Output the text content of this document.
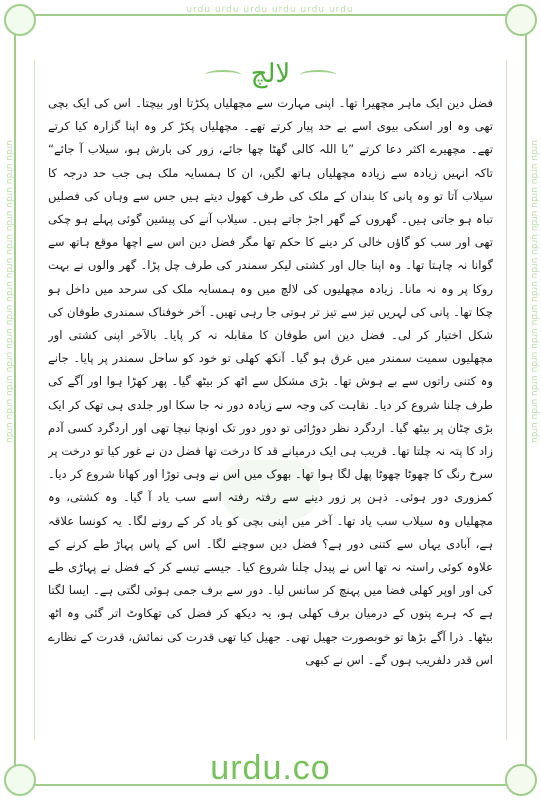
urdu urdu urdu urdu urdu urdu
urdu urdu urdu urdu urdu urdu urdu urdu urdu urdu urdu urdu urdu	urdu urdu urdu urdu urdu urdu urdu urdu urdu urdu urdu urdu urdu
لالچ
فضل دین ایک ماہر مچھیرا تھا۔ اپنی مہارت سے مچھلیاں پکڑتا اور بیچتا۔ اس کی ایک بچی تھی وہ اور اسکی بیوی اسے بے حد پیار کرتے تھے۔ مچھلیاں پکڑ کر وہ اپنا گزارہ کیا کرتے تھے۔ مچھیرے اکثر دعا کرتے ”یا اللہ کالی گھٹا چھا جائے، زور کی بارش ہو، سیلاب آ جائے“ تاکہ انہیں زیادہ سے زیادہ مچھلیاں ہاتھ لگیں، ان کا ہمسایہ ملک ہی جب حد درجہ کا سیلاب آتا تو وہ پانی کا بندان کے ملک کی طرف کھول دیتے ہیں جس سے وہاں کی فصلیں تباہ ہو جاتی ہیں۔ گھروں کے گھر اجڑ جاتے ہیں۔ سیلاب آنے کی پیشین گوئی پہلے ہو چکی تھی اور سب کو گاؤں خالی کر دینے کا حکم تھا مگر فضل دین اس سے اچھا موقع ہاتھ سے گوانا نہ چاہتا تھا۔ وہ اپنا جال اور کشتی لیکر سمندر کی طرف چل پڑا۔ گھر والوں نے بہت روکا پر وہ نہ مانا۔ زیادہ مچھلیوں کی لالچ میں وہ ہمسایہ ملک کی سرحد میں داخل ہو چکا تھا۔ پانی کی لہریں تیز سے تیز تر ہوتی جا رہی تھیں۔ آخر خوفناک سمندری طوفان کی شکل اختیار کر لی۔ فضل دین اس طوفان کا مقابلہ نہ کر پایا۔ بالآخر اپنی کشتی اور مچھلیوں سمیت سمندر میں غرق ہو گیا۔ آنکھ کھلی تو خود کو ساحل سمندر پر پایا۔ جانے وہ کتنی راتوں سے بے ہوش تھا۔ بڑی مشکل سے اٹھ کر بیٹھ گیا۔ پھر کھڑا ہوا اور آگے کی طرف چلنا شروع کر دیا۔ نقاہت کی وجہ سے زیادہ دور نہ جا سکا اور جلدی ہی تھک کر ایک بڑی چٹان پر بیٹھ گیا۔ اردگرد نظر دوڑائی تو دور دور تک اونچا نیچا تھی اور اردگرد کسی آدم زاد کا پتہ نہ چلتا تھا۔ قریب ہی ایک درمیانے قد کا درخت تھا فضل دن نے غور کیا تو درخت پر سرخ رنگ کا چھوٹا چھوٹا پھل لگا ہوا تھا۔ بھوک میں اس نے وہی توڑا اور کھانا شروع کر دیا۔ کمزوری دور ہوئی۔ ذہن پر زور دینے سے رفتہ رفتہ اسے سب یاد آ گیا۔ وہ کشتی، وہ مچھلیاں وہ سیلاب سب یاد تھا۔ آخر میں اپنی بچی کو یاد کر کے رونے لگا۔ یہ کونسا علاقہ ہے، آبادی یہاں سے کتنی دور ہے؟ فضل دین سوچنے لگا۔ اس کے پاس پہاڑ طے کرنے کے علاوہ کوئی راستہ نہ تھا اس نے پیدل چلنا شروع کیا۔ جیسے تیسے کر کے فضل نے پہاڑی طے کی اور اوپر کھلی فضا میں پہنچ کر سانس لیا۔ دور سے برف جمی ہوئی لگتی ہے۔ ایسا لگتا ہے کہ ہرے پتوں کے درمیان برف کھلی ہو، یہ دیکھ کر فضل کی تھکاوٹ اتر گئی وہ اٹھ بیٹھا۔ ذرا آگے بڑھا تو خوبصورت جھیل تھی۔ جھیل کیا تھی قدرت کی نمائش، قدرت کے نظارے اس قدر دلفریب ہوں گے۔ اس نے کبھی
urdu.co
